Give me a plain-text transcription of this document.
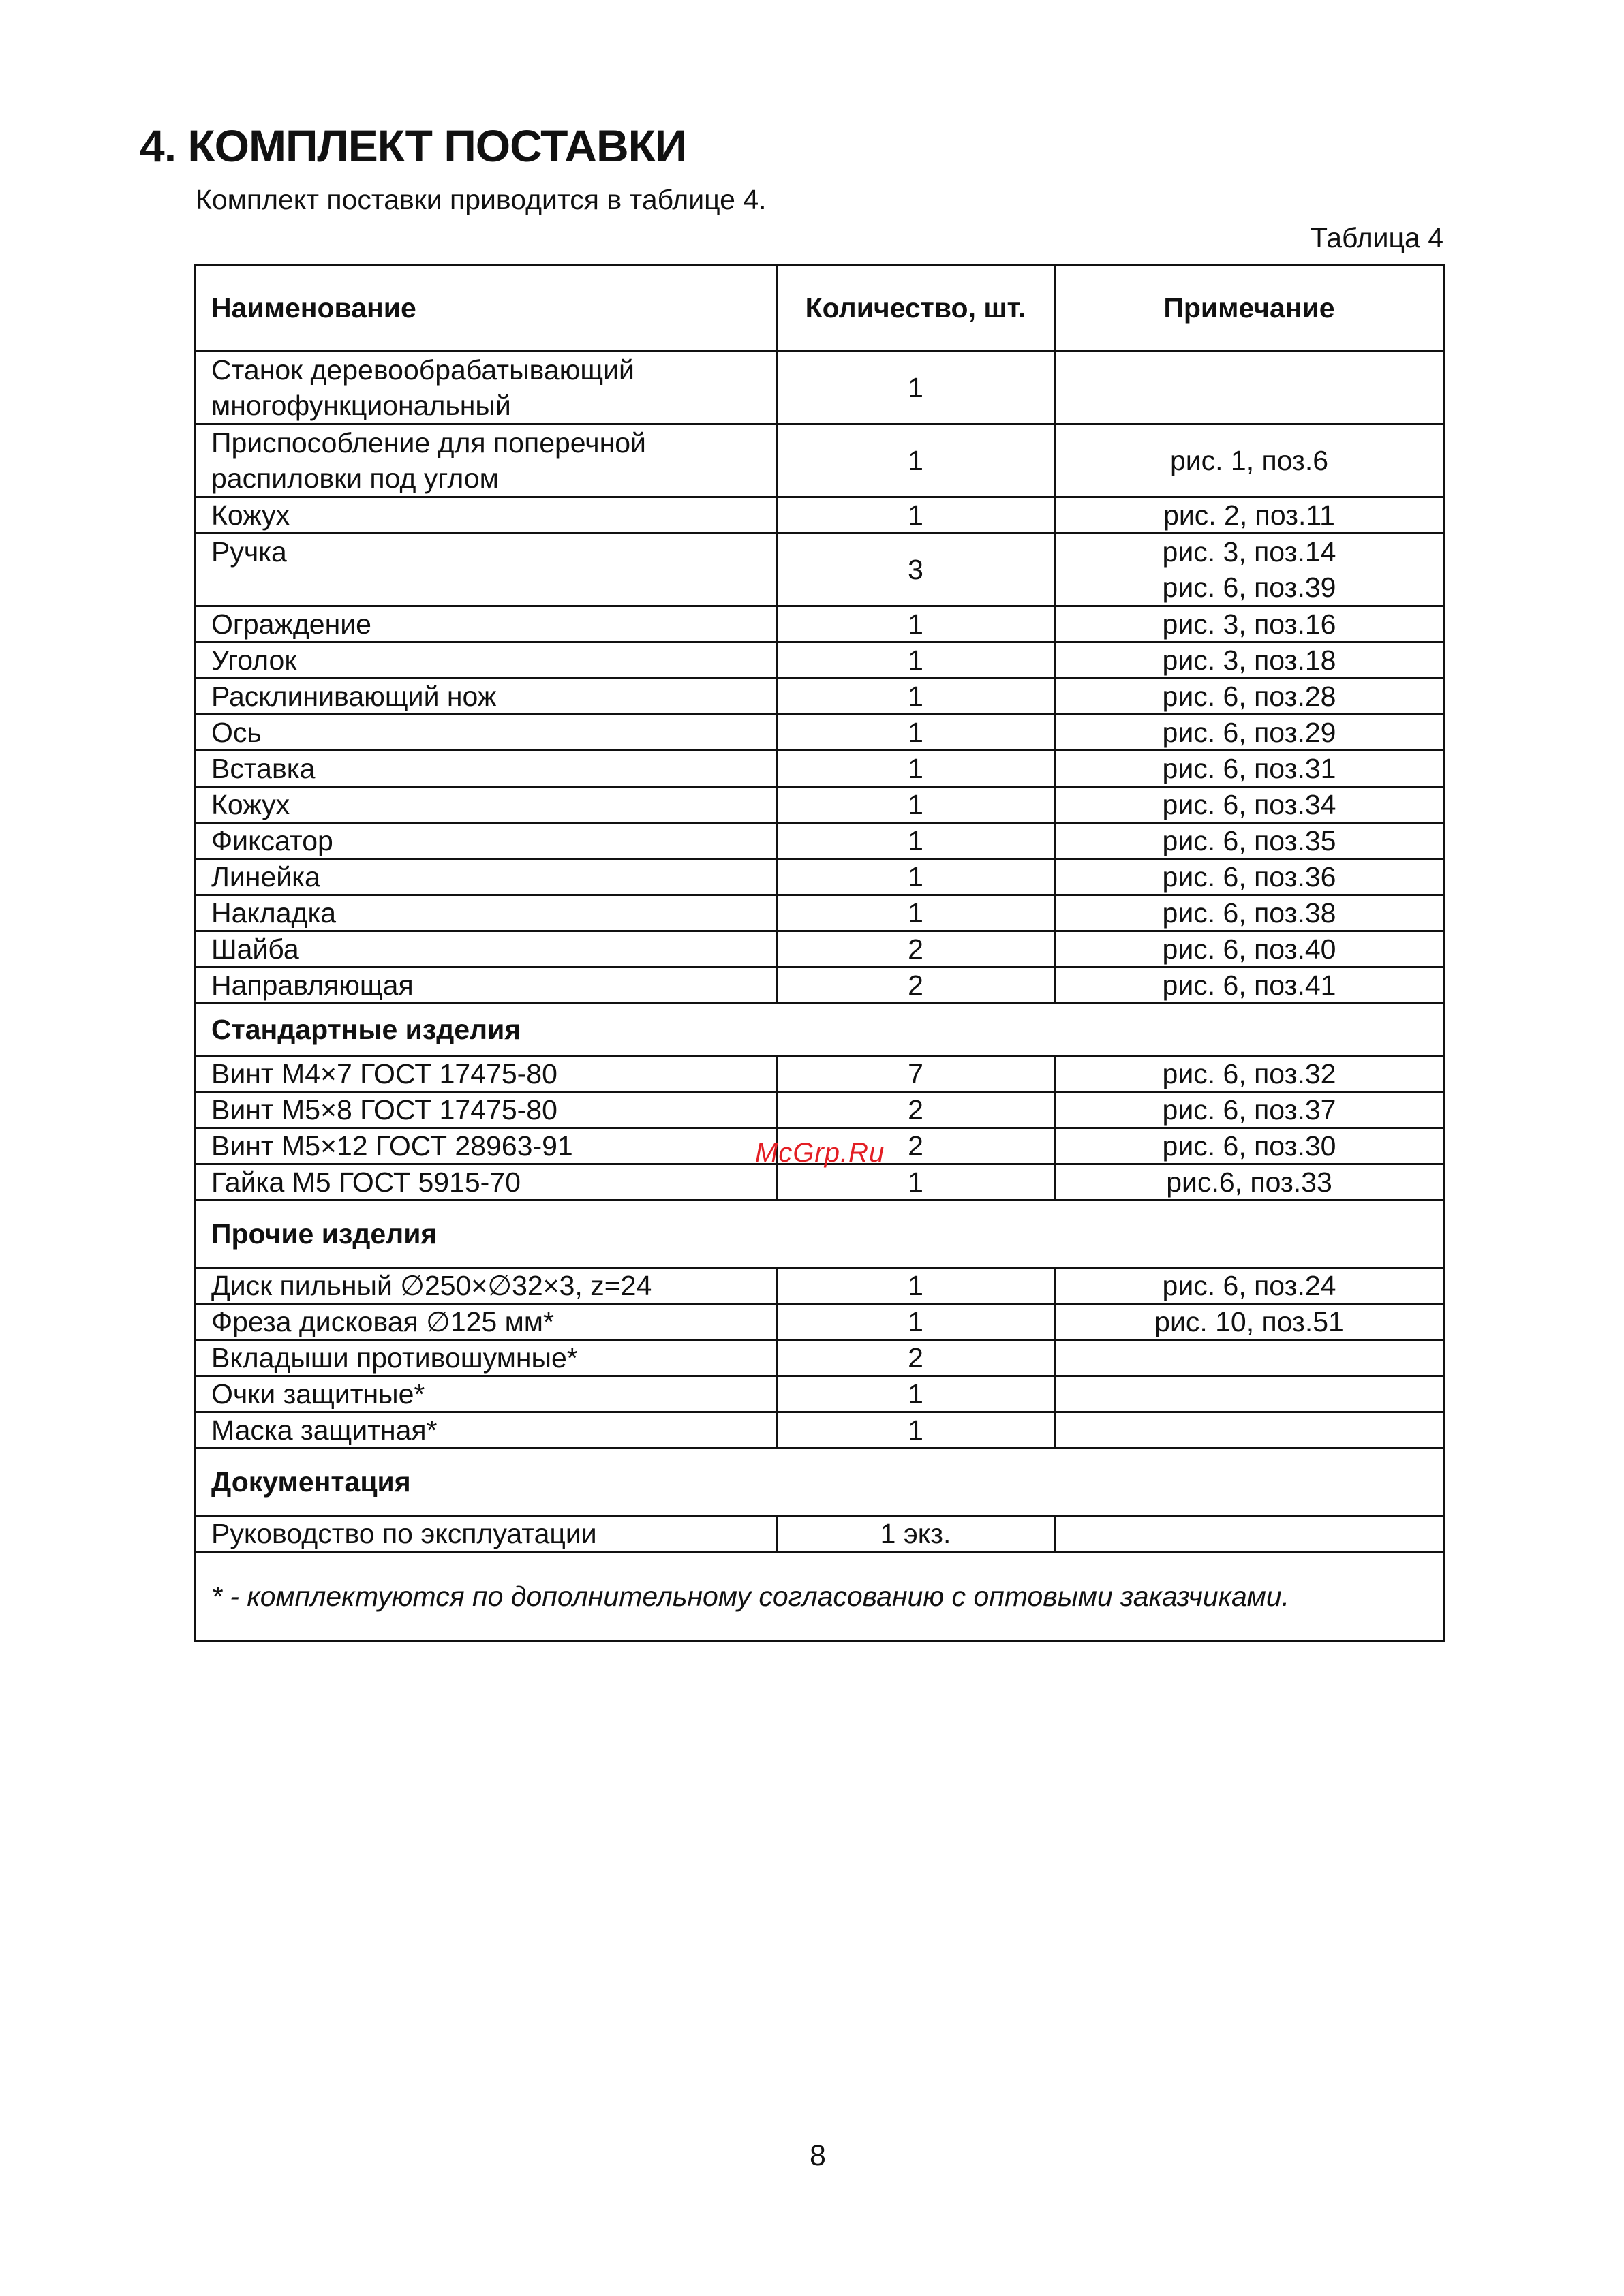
4. КОМПЛЕКТ ПОСТАВКИ
Комплект поставки приводится в таблице 4.
Таблица 4
Наименование	Количество, шт.	Примечание
Станок деревообрабатывающий
многофункциональный	1	
Приспособление для поперечной
распиловки под углом	1	рис. 1, поз.6
Кожух	1	рис. 2, поз.11
Ручка	3	рис. 3, поз.14
рис. 6, поз.39
Ограждение	1	рис. 3, поз.16
Уголок	1	рис. 3, поз.18
Расклинивающий нож	1	рис. 6, поз.28
Ось	1	рис. 6, поз.29
Вставка	1	рис. 6, поз.31
Кожух	1	рис. 6, поз.34
Фиксатор	1	рис. 6, поз.35
Линейка	1	рис. 6, поз.36
Накладка	1	рис. 6, поз.38
Шайба	2	рис. 6, поз.40
Направляющая	2	рис. 6, поз.41
Стандартные изделия		
Винт М4×7 ГОСТ 17475-80	7	рис. 6, поз.32
Винт М5×8 ГОСТ 17475-80	2	рис. 6, поз.37
Винт М5×12 ГОСТ 28963-91	2	рис. 6, поз.30
Гайка М5 ГОСТ 5915-70	1	рис.6, поз.33
Прочие изделия		
Диск пильный ∅250×∅32×3, z=24	1	рис. 6, поз.24
Фреза дисковая ∅125 мм*	1	рис. 10, поз.51
Вкладыши противошумные*	2	
Очки защитные*	1	
Маска защитная*	1	
Документация		
Руководство по эксплуатации	1 экз.	
* - комплектуются по дополнительному согласованию с оптовыми заказчиками.		
McGrp.Ru
8
